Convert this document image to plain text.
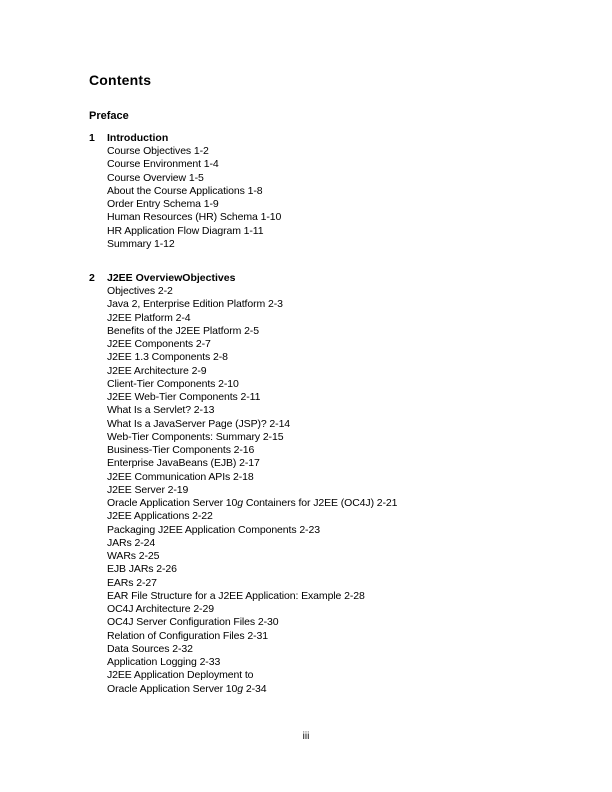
Contents
Preface
1 Introduction
Course Objectives 1-2
Course Environment 1-4
Course Overview 1-5
About the Course Applications 1-8
Order Entry Schema 1-9
Human Resources (HR) Schema 1-10
HR Application Flow Diagram 1-11
Summary 1-12
2 J2EE OverviewObjectives
Objectives 2-2
Java 2, Enterprise Edition Platform 2-3
J2EE Platform 2-4
Benefits of the J2EE Platform 2-5
J2EE Components 2-7
J2EE 1.3 Components 2-8
J2EE Architecture 2-9
Client-Tier Components 2-10
J2EE Web-Tier Components 2-11
What Is a Servlet? 2-13
What Is a JavaServer Page (JSP)? 2-14
Web-Tier Components: Summary 2-15
Business-Tier Components 2-16
Enterprise JavaBeans (EJB) 2-17
J2EE Communication APIs 2-18
J2EE Server 2-19
Oracle Application Server 10g Containers for J2EE (OC4J) 2-21
J2EE Applications 2-22
Packaging J2EE Application Components 2-23
JARs 2-24
WARs 2-25
EJB JARs 2-26
EARs 2-27
EAR File Structure for a J2EE Application: Example 2-28
OC4J Architecture 2-29
OC4J Server Configuration Files 2-30
Relation of Configuration Files 2-31
Data Sources 2-32
Application Logging 2-33
J2EE Application Deployment to
Oracle Application Server 10g 2-34
iii
